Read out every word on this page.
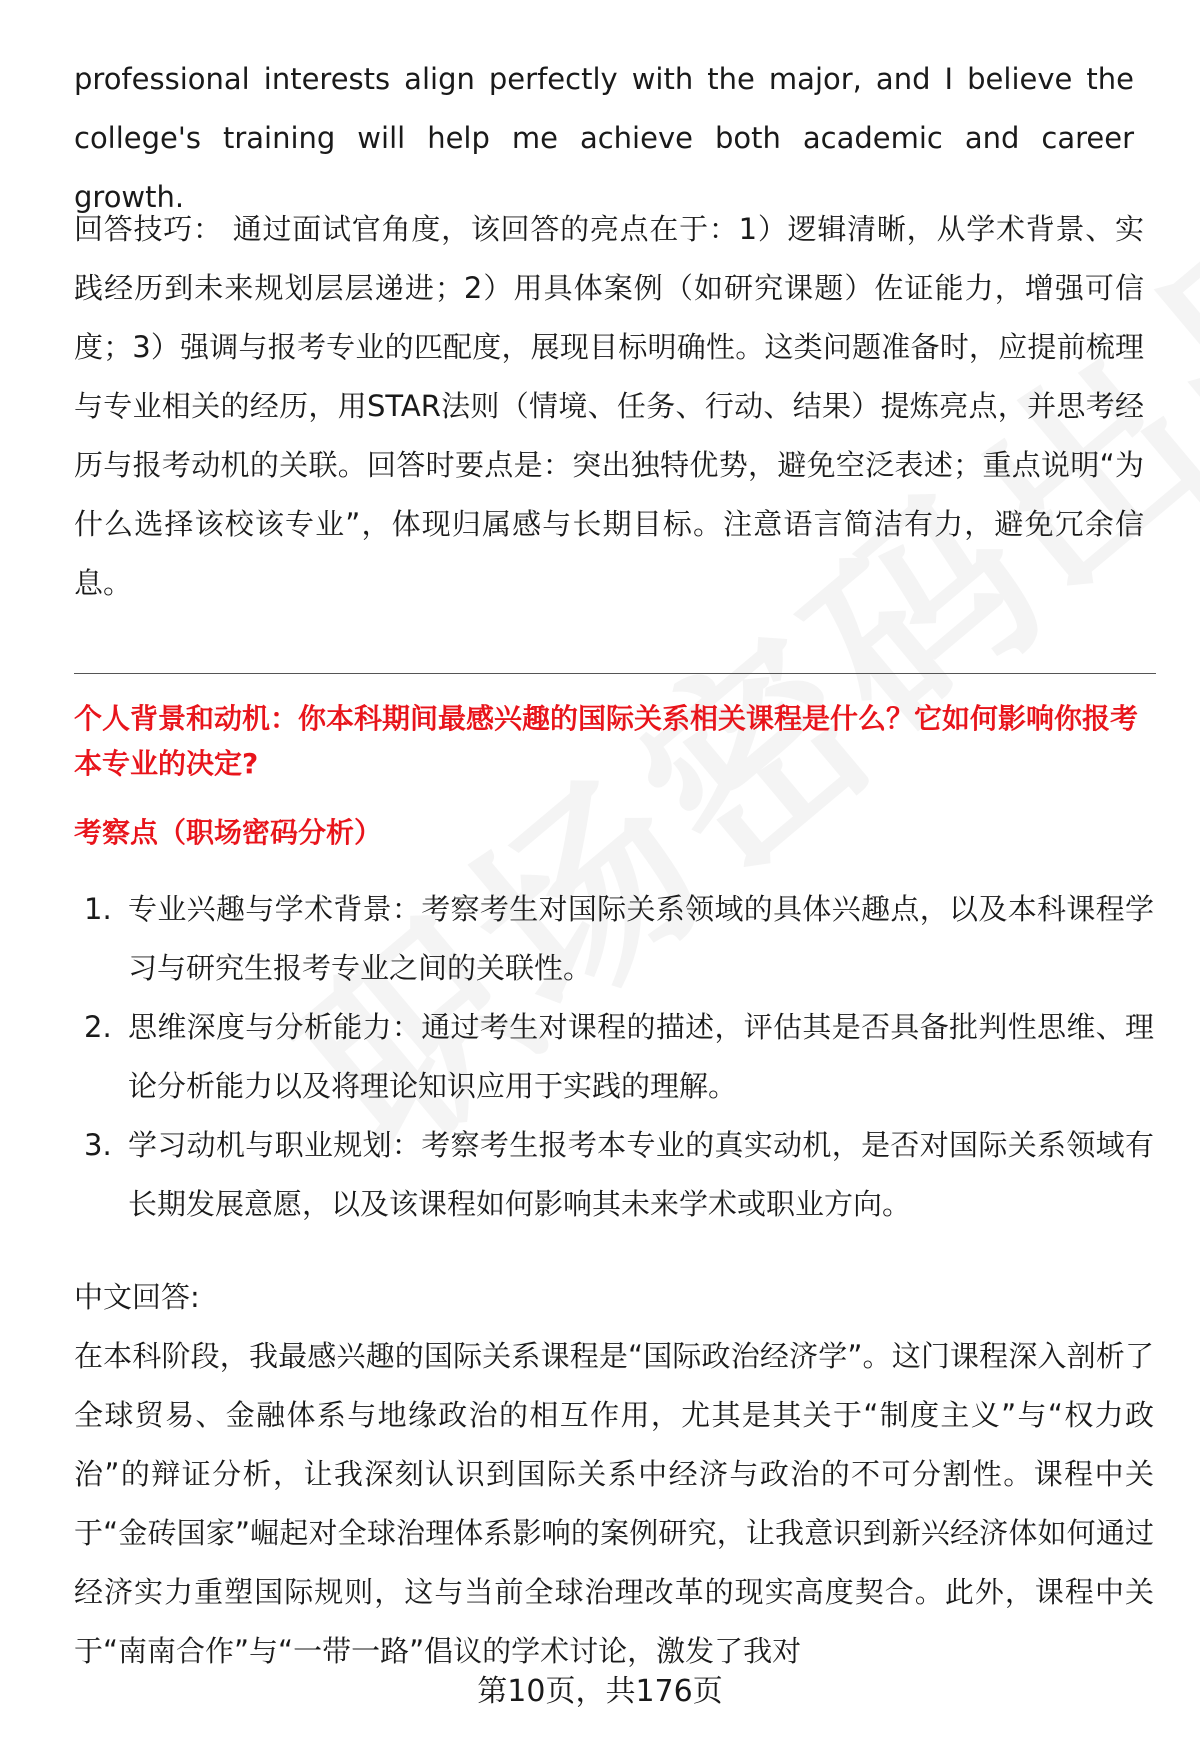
professional interests align perfectly with the major, and I believe the college's training will help me achieve both academic and career growth.

回答技巧： 通过面试官角度，该回答的亮点在于：1）逻辑清晰，从学术背景、实践经历到未来规划层层递进；2）用具体案例（如研究课题）佐证能力，增强可信度；3）强调与报考专业的匹配度，展现目标明确性。这类问题准备时，应提前梳理与专业相关的经历，用STAR法则（情境、任务、行动、结果）提炼亮点，并思考经历与报考动机的关联。回答时要点是：突出独特优势，避免空泛表述；重点说明“为什么选择该校该专业”，体现归属感与长期目标。注意语言简洁有力，避免冗余信息。

个人背景和动机：你本科期间最感兴趣的国际关系相关课程是什么？它如何影响你报考本专业的决定?

考察点（职场密码分析）

1. 专业兴趣与学术背景：考察考生对国际关系领域的具体兴趣点，以及本科课程学习与研究生报考专业之间的关联性。
2. 思维深度与分析能力：通过考生对课程的描述，评估其是否具备批判性思维、理论分析能力以及将理论知识应用于实践的理解。
3. 学习动机与职业规划：考察考生报考本专业的真实动机，是否对国际关系领域有长期发展意愿，以及该课程如何影响其未来学术或职业方向。

中文回答:

在本科阶段，我最感兴趣的国际关系课程是“国际政治经济学”。这门课程深入剖析了全球贸易、金融体系与地缘政治的相互作用，尤其是其关于“制度主义”与“权力政治”的辩证分析，让我深刻认识到国际关系中经济与政治的不可分割性。课程中关于“金砖国家”崛起对全球治理体系影响的案例研究，让我意识到新兴经济体如何通过经济实力重塑国际规则，这与当前全球治理改革的现实高度契合。此外，课程中关于“南南合作”与“一带一路”倡议的学术讨论，激发了我对

第10页，共176页
